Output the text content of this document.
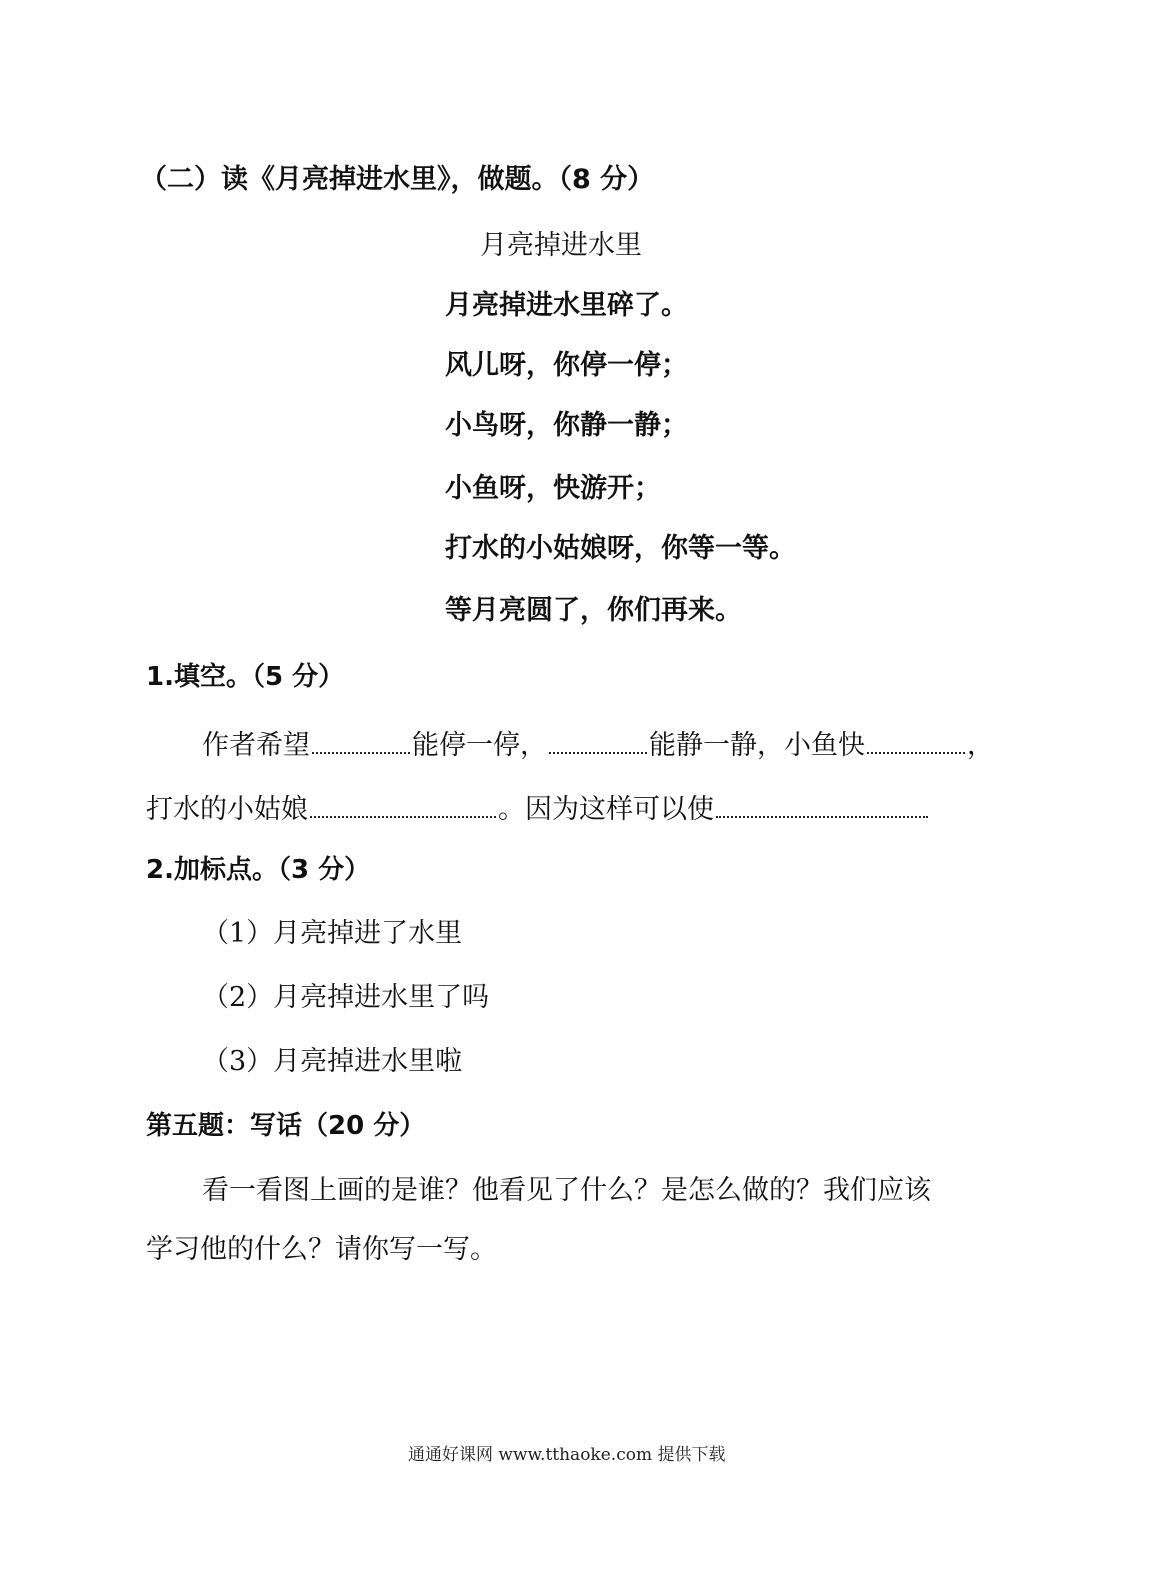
（二）读《月亮掉进水里》，做题。（8 分）
月亮掉进水里
月亮掉进水里碎了。
风儿呀，你停一停；
小鸟呀，你静一静；
小鱼呀，快游开；
打水的小姑娘呀，你等一等。
等月亮圆了，你们再来。
1.填空。（5 分）
作者希望	能停一停，	能静一静，小鱼快	，
打水的小姑娘	。因为这样可以使
2.加标点。（3 分）
（1）月亮掉进了水里
（2）月亮掉进水里了吗
（3）月亮掉进水里啦
第五题：写话（20 分）
看一看图上画的是谁？他看见了什么？是怎么做的？我们应该
学习他的什么？请你写一写。
通通好课网 www.tthaoke.com 提供下载
